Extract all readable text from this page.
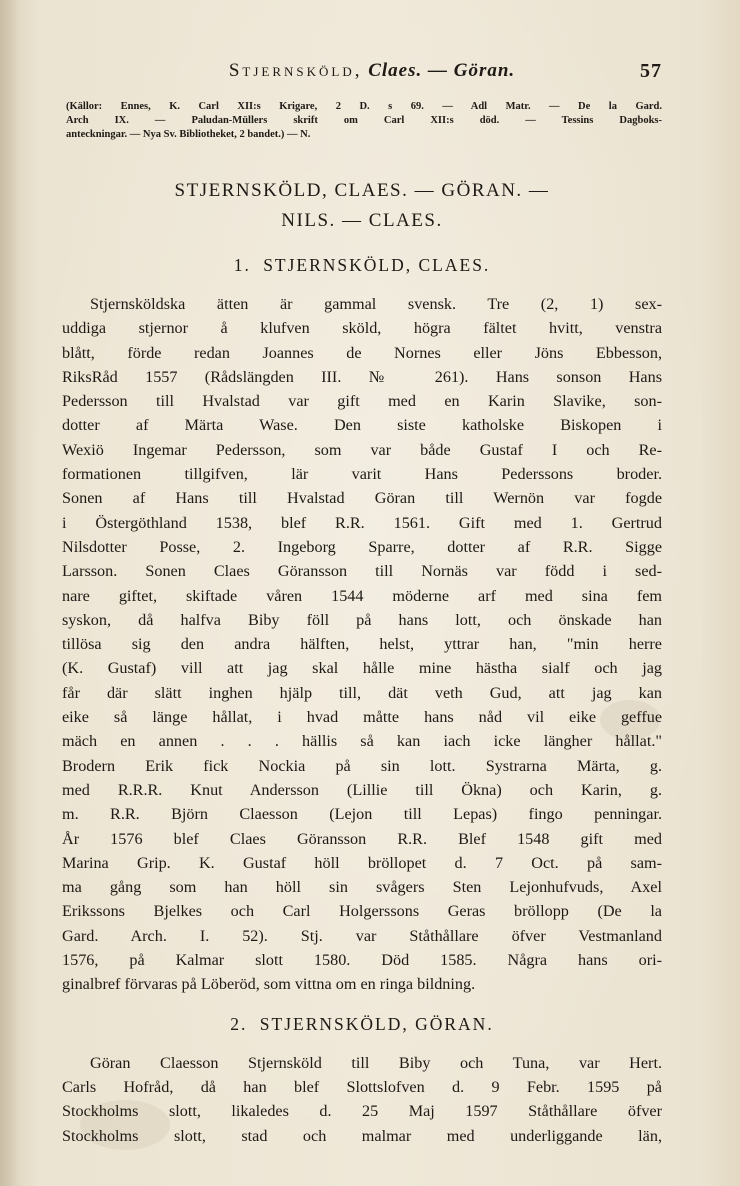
Stjernsköld, Claes. — Göran.	57
(Källor: Ennes, K. Carl XII:s Krigare, 2 D. s 69. — Adl Matr. — De la Gard.
Arch IX. — Paludan-Müllers skrift om Carl XII:s död. — Tessins Dagboks-
anteckningar. — Nya Sv. Bibliotheket, 2 bandet.) — N.
STJERNSKÖLD, CLAES. — GÖRAN. —
NILS. — CLAES.
1. STJERNSKÖLD, CLAES.

Stjernsköldska ätten är gammal svensk. Tre (2, 1) sex-
uddiga stjernor å klufven sköld, högra fältet hvitt, venstra
blått, förde redan Joannes de Nornes eller Jöns Ebbesson,
RiksRåd 1557 (Rådslängden III. № 261). Hans sonson Hans
Pedersson till Hvalstad var gift med en Karin Slavike, son-
dotter af Märta Wase. Den siste katholske Biskopen i
Wexiö Ingemar Pedersson, som var både Gustaf I och Re-
formationen tillgifven, lär varit Hans Pederssons broder.
Sonen af Hans till Hvalstad Göran till Wernön var fogde
i Östergöthland 1538, blef R.R. 1561. Gift med 1. Gertrud
Nilsdotter Posse, 2. Ingeborg Sparre, dotter af R.R. Sigge
Larsson. Sonen Claes Göransson till Nornäs var född i sed-
nare giftet, skiftade våren 1544 möderne arf med sina fem
syskon, då halfva Biby föll på hans lott, och önskade han
tillösa sig den andra hälften, helst, yttrar han, "min herre
(K. Gustaf) vill att jag skal hålle mine hästha sialf och jag
får där slätt inghen hjälp till, dät veth Gud, att jag kan
eike så länge hållat, i hvad måtte hans nåd vil eike geffue
mäch en annen . . . hällis så kan iach icke längher hållat."
Brodern Erik fick Nockia på sin lott. Systrarna Märta, g.
med R.R.R. Knut Andersson (Lillie till Ökna) och Karin, g.
m. R.R. Björn Claesson (Lejon till Lepas) fingo penningar.
År 1576 blef Claes Göransson R.R. Blef 1548 gift med
Marina Grip. K. Gustaf höll bröllopet d. 7 Oct. på sam-
ma gång som han höll sin svågers Sten Lejonhufvuds, Axel
Erikssons Bjelkes och Carl Holgerssons Geras bröllopp (De la
Gard. Arch. I. 52). Stj. var Ståthållare öfver Vestmanland
1576, på Kalmar slott 1580. Död 1585. Några hans ori-
ginalbref förvaras på Löberöd, som vittna om en ringa bildning.

2. STJERNSKÖLD, GÖRAN.

Göran Claesson Stjernsköld till Biby och Tuna, var Hert.
Carls Hofråd, då han blef Slottslofven d. 9 Febr. 1595 på
Stockholms slott, likaledes d. 25 Maj 1597 Ståthållare öfver
Stockholms slott, stad och malmar med underliggande län,
